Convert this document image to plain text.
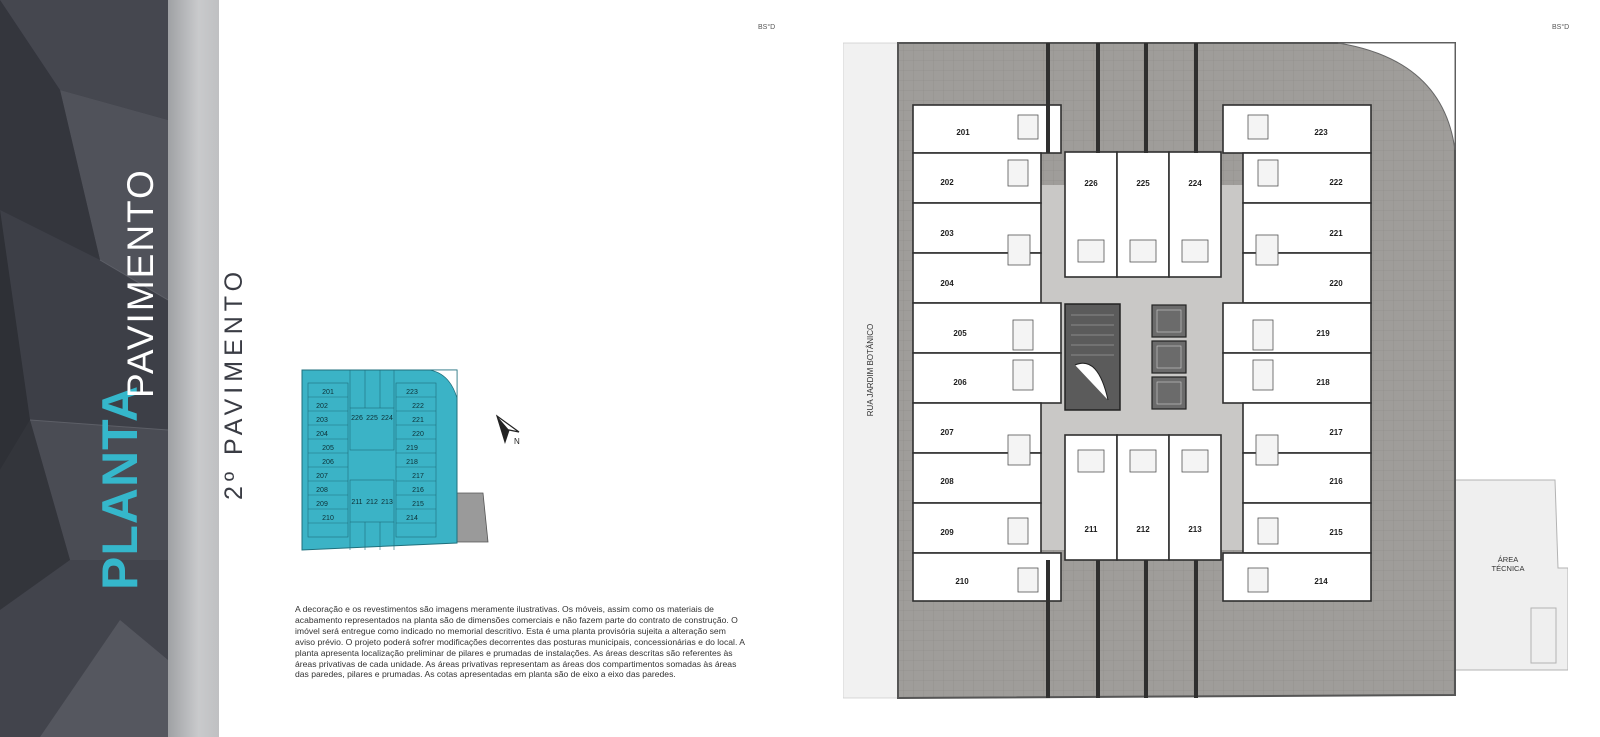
PLANTA
PAVIMENTO 2º PAVIMENTO
BS°D	BS°D
201
202
203
204
205
206
207
208
209
210
211 212 213
214
215
216
217
218
219
220
221
222
223
224
225
226
N

A decoração e os revestimentos são imagens meramente ilustrativas. Os móveis, assim como os materiais de acabamento representados na planta são de dimensões comerciais e não fazem parte do contrato de construção. O imóvel será entregue como indicado no memorial descritivo. Esta é uma planta provisória sujeita a alteração sem aviso prévio. O projeto poderá sofrer modificações decorrentes das posturas municipais, concessionárias e do local. A planta apresenta localização preliminar de pilares e prumadas de instalações. As áreas descritas são referentes às áreas privativas de cada unidade. As áreas privativas representam as áreas dos compartimentos somadas às áreas das paredes, pilares e prumadas. As cotas apresentadas em planta são de eixo a eixo das paredes.

RUA JARDIM BOTÂNICO
ÁREA
TÉCNICA
201
202
203
204
205
206
207
208
209
210
223
222
221
220
219
218
217
216
215
214
226	225	224
211	212	213
